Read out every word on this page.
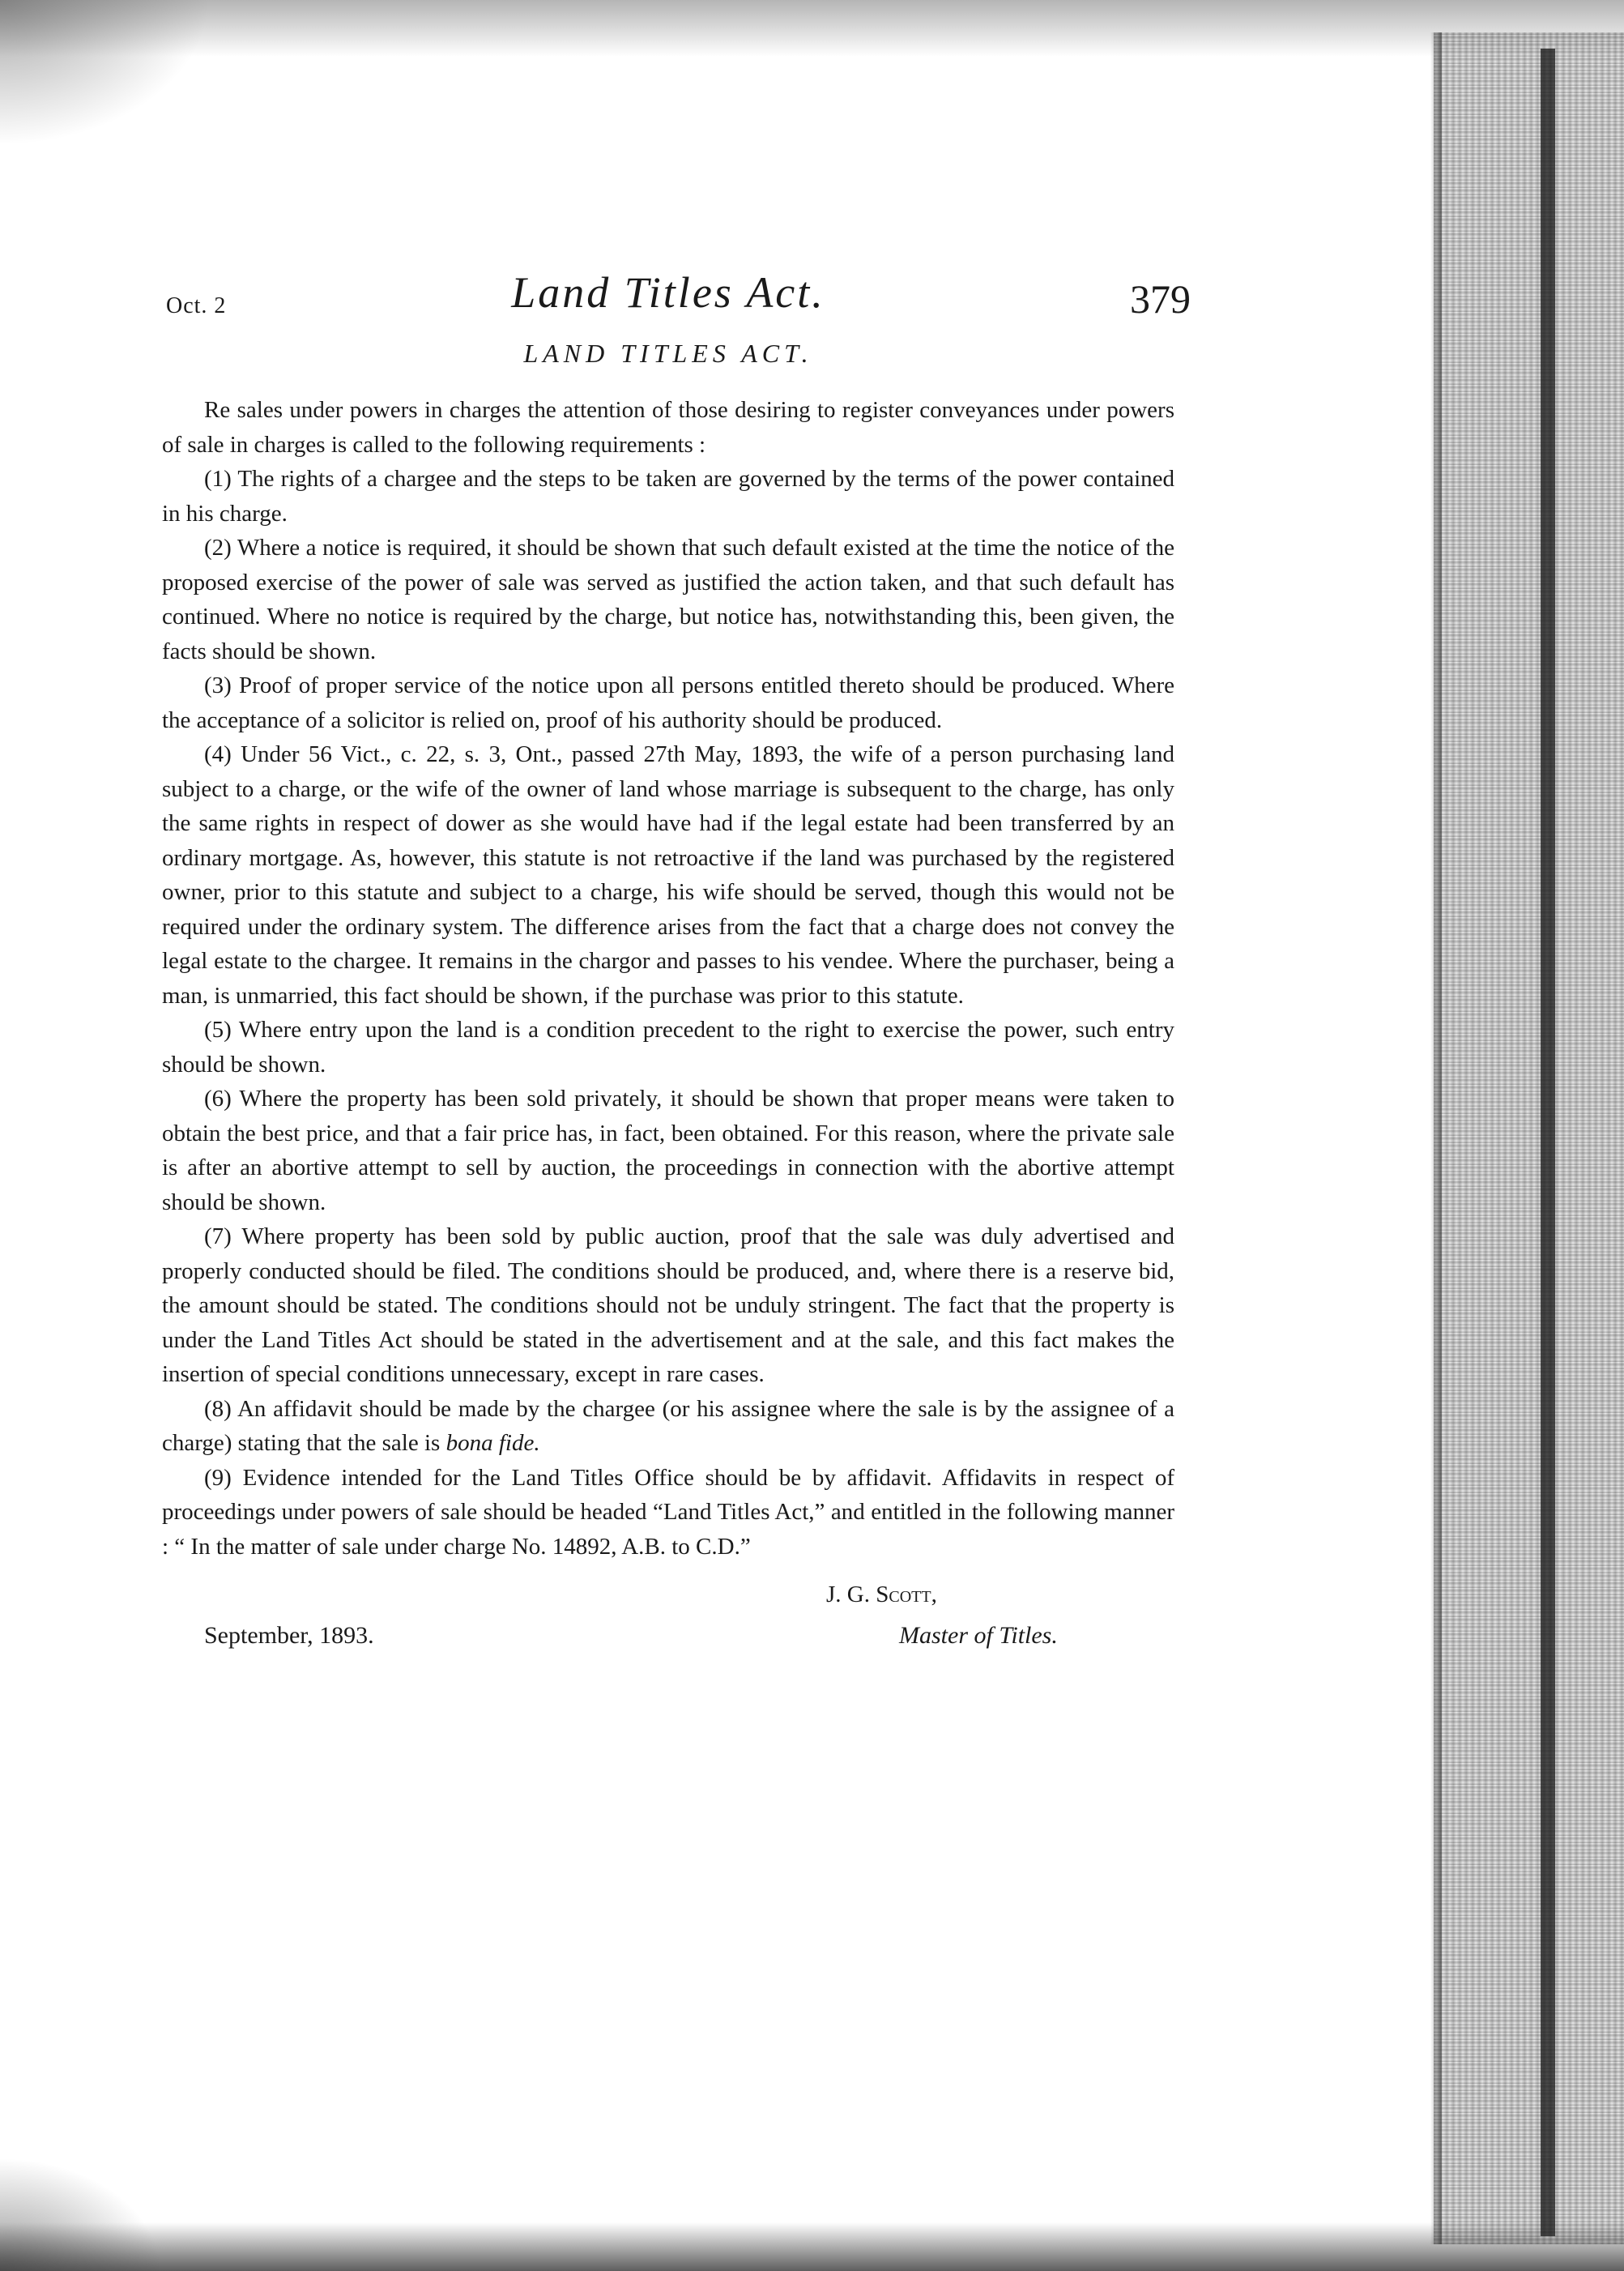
Oct. 2	Land Titles Act.	379
LAND TITLES ACT.

Re sales under powers in charges the attention of those desiring to register conveyances under powers of sale in charges is called to the following requirements :

(1) The rights of a chargee and the steps to be taken are governed by the terms of the power contained in his charge.

(2) Where a notice is required, it should be shown that such default existed at the time the notice of the proposed exercise of the power of sale was served as justified the action taken, and that such default has continued. Where no notice is required by the charge, but notice has, notwithstanding this, been given, the facts should be shown.

(3) Proof of proper service of the notice upon all persons entitled thereto should be produced. Where the acceptance of a solicitor is relied on, proof of his authority should be produced.

(4) Under 56 Vict., c. 22, s. 3, Ont., passed 27th May, 1893, the wife of a person purchasing land subject to a charge, or the wife of the owner of land whose marriage is subsequent to the charge, has only the same rights in respect of dower as she would have had if the legal estate had been transferred by an ordinary mortgage. As, however, this statute is not retroactive if the land was purchased by the registered owner, prior to this statute and subject to a charge, his wife should be served, though this would not be required under the ordinary system. The difference arises from the fact that a charge does not convey the legal estate to the chargee. It remains in the chargor and passes to his vendee. Where the purchaser, being a man, is unmarried, this fact should be shown, if the purchase was prior to this statute.

(5) Where entry upon the land is a condition precedent to the right to exercise the power, such entry should be shown.

(6) Where the property has been sold privately, it should be shown that proper means were taken to obtain the best price, and that a fair price has, in fact, been obtained. For this reason, where the private sale is after an abortive attempt to sell by auction, the proceedings in connection with the abortive attempt should be shown.

(7) Where property has been sold by public auction, proof that the sale was duly advertised and properly conducted should be filed. The conditions should be produced, and, where there is a reserve bid, the amount should be stated. The conditions should not be unduly stringent. The fact that the property is under the Land Titles Act should be stated in the advertisement and at the sale, and this fact makes the insertion of special conditions unnecessary, except in rare cases.

(8) An affidavit should be made by the chargee (or his assignee where the sale is by the assignee of a charge) stating that the sale is bona fide.

(9) Evidence intended for the Land Titles Office should be by affidavit. Affidavits in respect of proceedings under powers of sale should be headed “Land Titles Act,” and entitled in the following manner : “ In the matter of sale under charge No. 14892, A.B. to C.D.”

J. G. Scott,
September, 1893.	Master of Titles.
